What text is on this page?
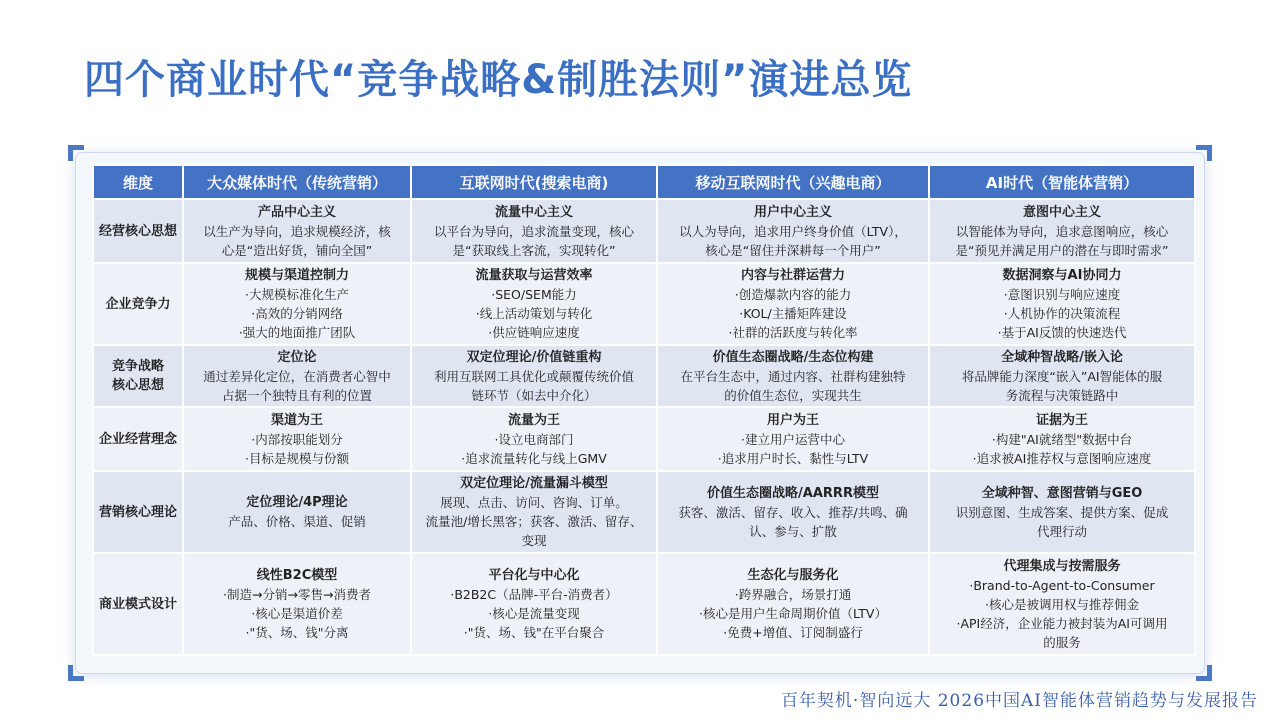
四个商业时代“竞争战略&制胜法则”演进总览
维度	大众媒体时代（传统营销）	互联网时代(搜索电商)	移动互联网时代（兴趣电商）	AI时代（智能体营销）
经营核心思想	产品中心主义
以生产为导向，追求规模经济，核
心是“造出好货，铺向全国”	流量中心主义
以平台为导向，追求流量变现，核心
是“获取线上客流，实现转化”	用户中心主义
以人为导向，追求用户终身价值（LTV），
核心是“留住并深耕每一个用户”	意图中心主义
以智能体为导向，追求意图响应，核心
是“预见并满足用户的潜在与即时需求”

企业竞争力	规模与渠道控制力
·大规模标准化生产
·高效的分销网络
·强大的地面推广团队	流量获取与运营效率
·SEO/SEM能力
·线上活动策划与转化
·供应链响应速度	内容与社群运营力
·创造爆款内容的能力
·KOL/主播矩阵建设
·社群的活跃度与转化率	数据洞察与AI协同力
·意图识别与响应速度
·人机协作的决策流程
·基于AI反馈的快速迭代

竞争战略
核心思想	定位论
通过差异化定位，在消费者心智中
占据一个独特且有利的位置	双定位理论/价值链重构
利用互联网工具优化或颠覆传统价值
链环节（如去中介化）	价值生态圈战略/生态位构建
在平台生态中，通过内容、社群构建独特
的价值生态位，实现共生	全域种智战略/嵌入论
将品牌能力深度“嵌入”AI智能体的服
务流程与决策链路中

企业经营理念	渠道为王
·内部按职能划分
·目标是规模与份额	流量为王
·设立电商部门
·追求流量转化与线上GMV	用户为王
·建立用户运营中心
·追求用户时长、黏性与LTV	证据为王
·构建"AI就绪型"数据中台
·追求被AI推荐权与意图响应速度

营销核心理论	定位理论/4P理论
产品、价格、渠道、促销	双定位理论/流量漏斗模型
展现、点击、访问、咨询、订单。
流量池/增长黑客；获客、激活、留存、
变现	价值生态圈战略/AARRR模型
获客、激活、留存、收入、推荐/共鸣、确
认、参与、扩散	全域种智、意图营销与GEO
识别意图、生成答案、提供方案、促成
代理行动

商业模式设计	线性B2C模型
·制造→分销→零售→消费者
·核心是渠道价差
·"货、场、钱"分离	平台化与中心化
·B2B2C（品牌-平台-消费者）
·核心是流量变现
·"货、场、钱"在平台聚合	生态化与服务化
·跨界融合，场景打通
·核心是用户生命周期价值（LTV）
·免费+增值、订阅制盛行	代理集成与按需服务
·Brand-to-Agent-to-Consumer
·核心是被调用权与推荐佣金
·API经济，企业能力被封装为AI可调用
的服务
百年契机·智向远大 2026中国AI智能体营销趋势与发展报告
